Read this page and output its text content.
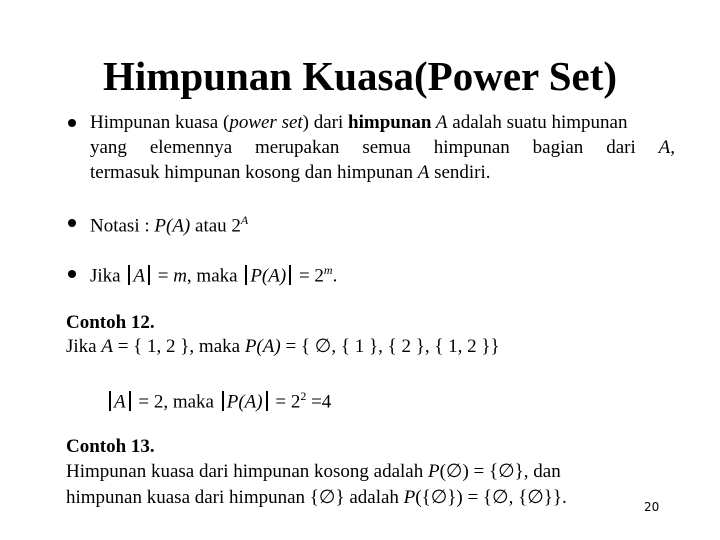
Himpunan Kuasa(Power Set)
Himpunan kuasa (power set) dari himpunan A adalah suatu himpunan
yang elemennya merupakan semua himpunan bagian dari A,
termasuk himpunan kosong dan himpunan A sendiri.
Notasi : P(A) atau $2^A$
Jika A = m, maka $P(A) = 2^m$.
Contoh 12.
Jika A = { 1, 2 }, maka P(A) = { ∅, { 1 }, { 2 }, { 1, 2 }}
A = 2, maka $P(A) = 2^2 =4$
Contoh 13.
Himpunan kuasa dari himpunan kosong adalah P(∅) = {∅}, dan
himpunan kuasa dari himpunan {∅} adalah P({∅}) = {∅, {∅}}.	20
